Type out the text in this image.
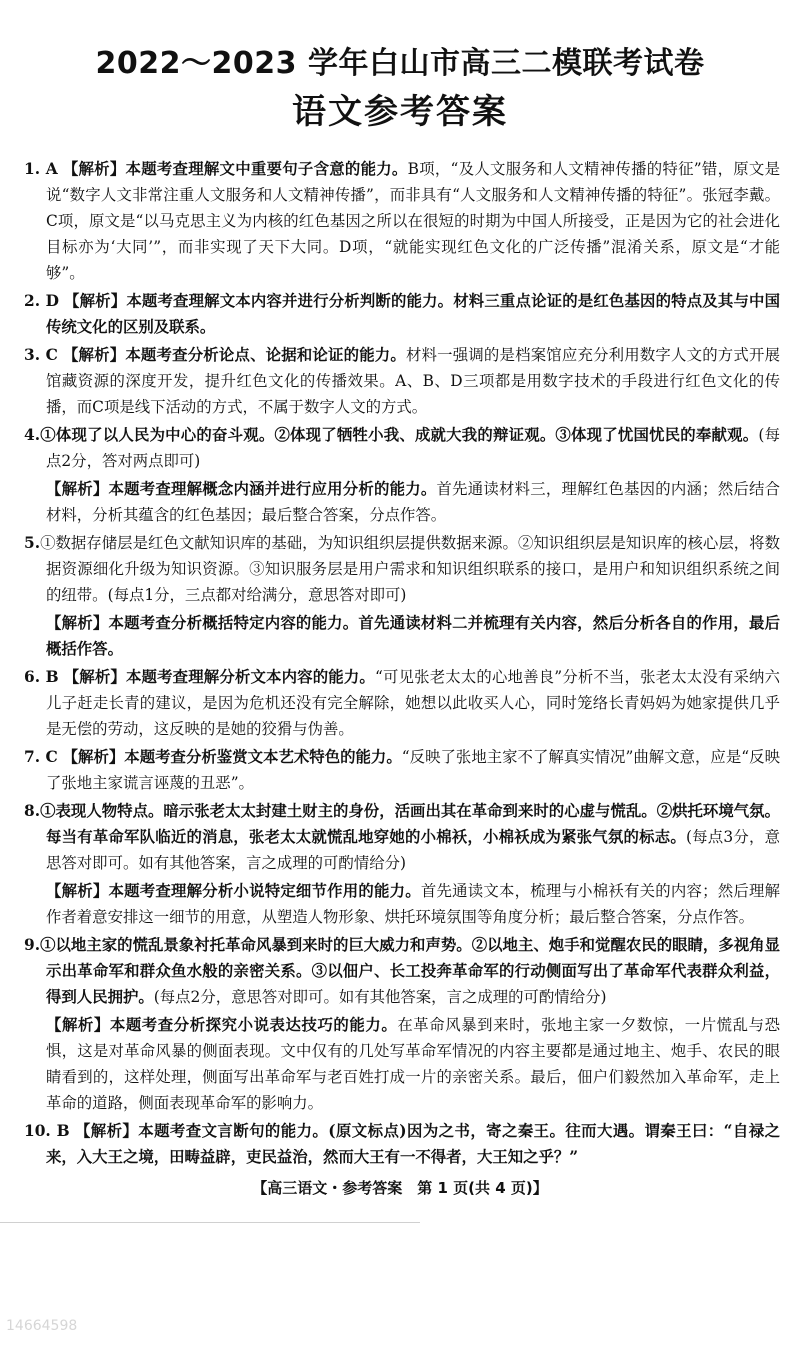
2022～2023 学年白山市高三二模联考试卷
语文参考答案

1. A 【解析】本题考查理解文中重要句子含意的能力。B项，“及人文服务和人文精神传播的特征”错，原文是说“数字人文非常注重人文服务和人文精神传播”，而非具有“人文服务和人文精神传播的特征”。张冠李戴。C项，原文是“以马克思主义为内核的红色基因之所以在很短的时期为中国人所接受，正是因为它的社会进化目标亦为‘大同’”，而非实现了天下大同。D项，“就能实现红色文化的广泛传播”混淆关系，原文是“才能够”。

2. D 【解析】本题考查理解文本内容并进行分析判断的能力。材料三重点论证的是红色基因的特点及其与中国传统文化的区别及联系。

3. C 【解析】本题考查分析论点、论据和论证的能力。材料一强调的是档案馆应充分利用数字人文的方式开展馆藏资源的深度开发，提升红色文化的传播效果。A、B、D三项都是用数字技术的手段进行红色文化的传播，而C项是线下活动的方式，不属于数字人文的方式。

4.①体现了以人民为中心的奋斗观。②体现了牺牲小我、成就大我的辩证观。③体现了忧国忧民的奉献观。(每点2分，答对两点即可)

【解析】本题考查理解概念内涵并进行应用分析的能力。首先通读材料三，理解红色基因的内涵；然后结合材料，分析其蕴含的红色基因；最后整合答案，分点作答。

5.①数据存储层是红色文献知识库的基础，为知识组织层提供数据来源。②知识组织层是知识库的核心层，将数据资源细化升级为知识资源。③知识服务层是用户需求和知识组织联系的接口，是用户和知识组织系统之间的纽带。(每点1分，三点都对给满分，意思答对即可)

【解析】本题考查分析概括特定内容的能力。首先通读材料二并梳理有关内容，然后分析各自的作用，最后概括作答。

6. B 【解析】本题考查理解分析文本内容的能力。“可见张老太太的心地善良”分析不当，张老太太没有采纳六儿子赶走长青的建议，是因为危机还没有完全解除，她想以此收买人心，同时笼络长青妈妈为她家提供几乎是无偿的劳动，这反映的是她的狡猾与伪善。

7. C 【解析】本题考查分析鉴赏文本艺术特色的能力。“反映了张地主家不了解真实情况”曲解文意，应是“反映了张地主家谎言诬蔑的丑恶”。

8.①表现人物特点。暗示张老太太封建土财主的身份，活画出其在革命到来时的心虚与慌乱。②烘托环境气氛。每当有革命军队临近的消息，张老太太就慌乱地穿她的小棉袄，小棉袄成为紧张气氛的标志。(每点3分，意思答对即可。如有其他答案，言之成理的可酌情给分)

【解析】本题考查理解分析小说特定细节作用的能力。首先通读文本，梳理与小棉袄有关的内容；然后理解作者着意安排这一细节的用意，从塑造人物形象、烘托环境氛围等角度分析；最后整合答案，分点作答。

9.①以地主家的慌乱景象衬托革命风暴到来时的巨大威力和声势。②以地主、炮手和觉醒农民的眼睛，多视角显示出革命军和群众鱼水般的亲密关系。③以佃户、长工投奔革命军的行动侧面写出了革命军代表群众利益，得到人民拥护。(每点2分，意思答对即可。如有其他答案，言之成理的可酌情给分)

【解析】本题考查分析探究小说表达技巧的能力。在革命风暴到来时，张地主家一夕数惊，一片慌乱与恐惧，这是对革命风暴的侧面表现。文中仅有的几处写革命军情况的内容主要都是通过地主、炮手、农民的眼睛看到的，这样处理，侧面写出革命军与老百姓打成一片的亲密关系。最后，佃户们毅然加入革命军，走上革命的道路，侧面表现革命军的影响力。

10. B 【解析】本题考查文言断句的能力。(原文标点)因为之书，寄之秦王。往而大遇。谓秦王曰：“自禄之来，入大王之境，田畴益辟，吏民益治，然而大王有一不得者，大王知之乎？”

【高三语文・参考答案　第 1 页(共 4 页)】
14664598
